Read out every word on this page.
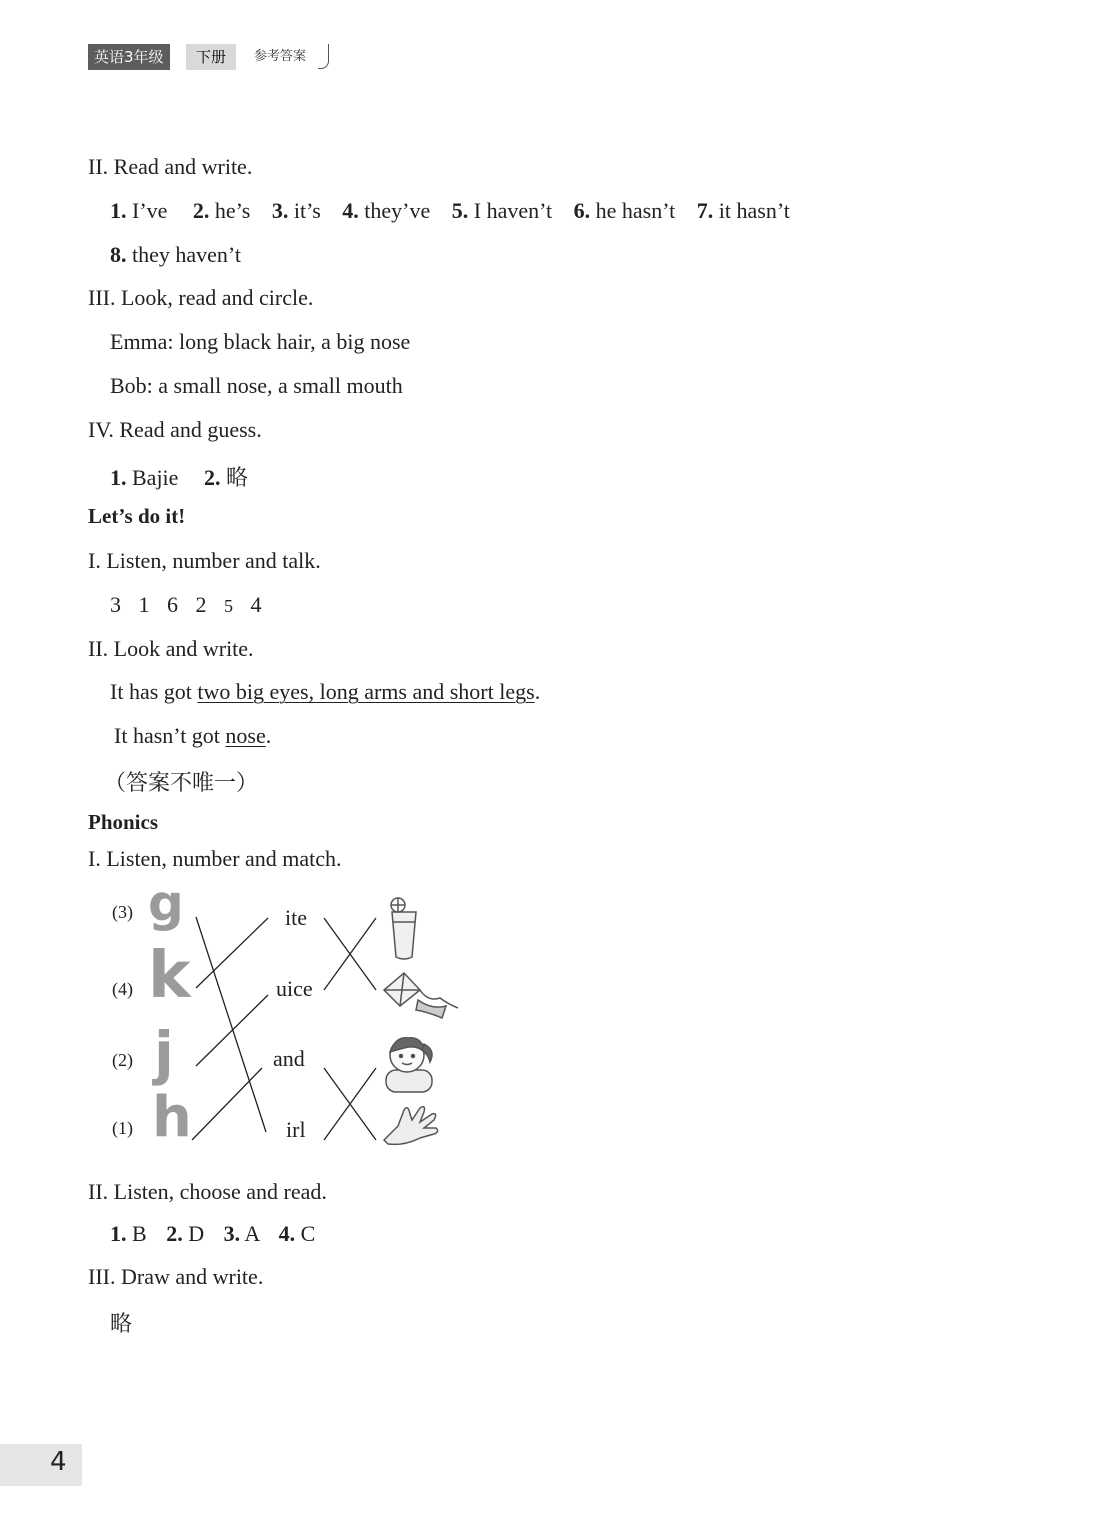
英语3年级	下册	参考答案
II. Read and write.
1. I’ve 2. he’s 3. it’s 4. they’ve 5. I haven’t 6. he hasn’t 7. it hasn’t
8. they haven’t
III. Look, read and circle.
Emma: long black hair, a big nose
Bob: a small nose, a small mouth
IV. Read and guess.
1. Bajie 2. 略
Let’s do it!
I. Listen, number and talk.
3 1 6 2 5 4
II. Look and write.
It has got two big eyes, long arms and short legs.
It hasn’t got nose.
（答案不唯一）
Phonics
I. Listen, number and match.
(3)
(4)
(2)
(1)
g
k
j
h
ite
uice
and
irl
II. Listen, choose and read.
1. B 2. D 3. A 4. C
III. Draw and write.
略
4
